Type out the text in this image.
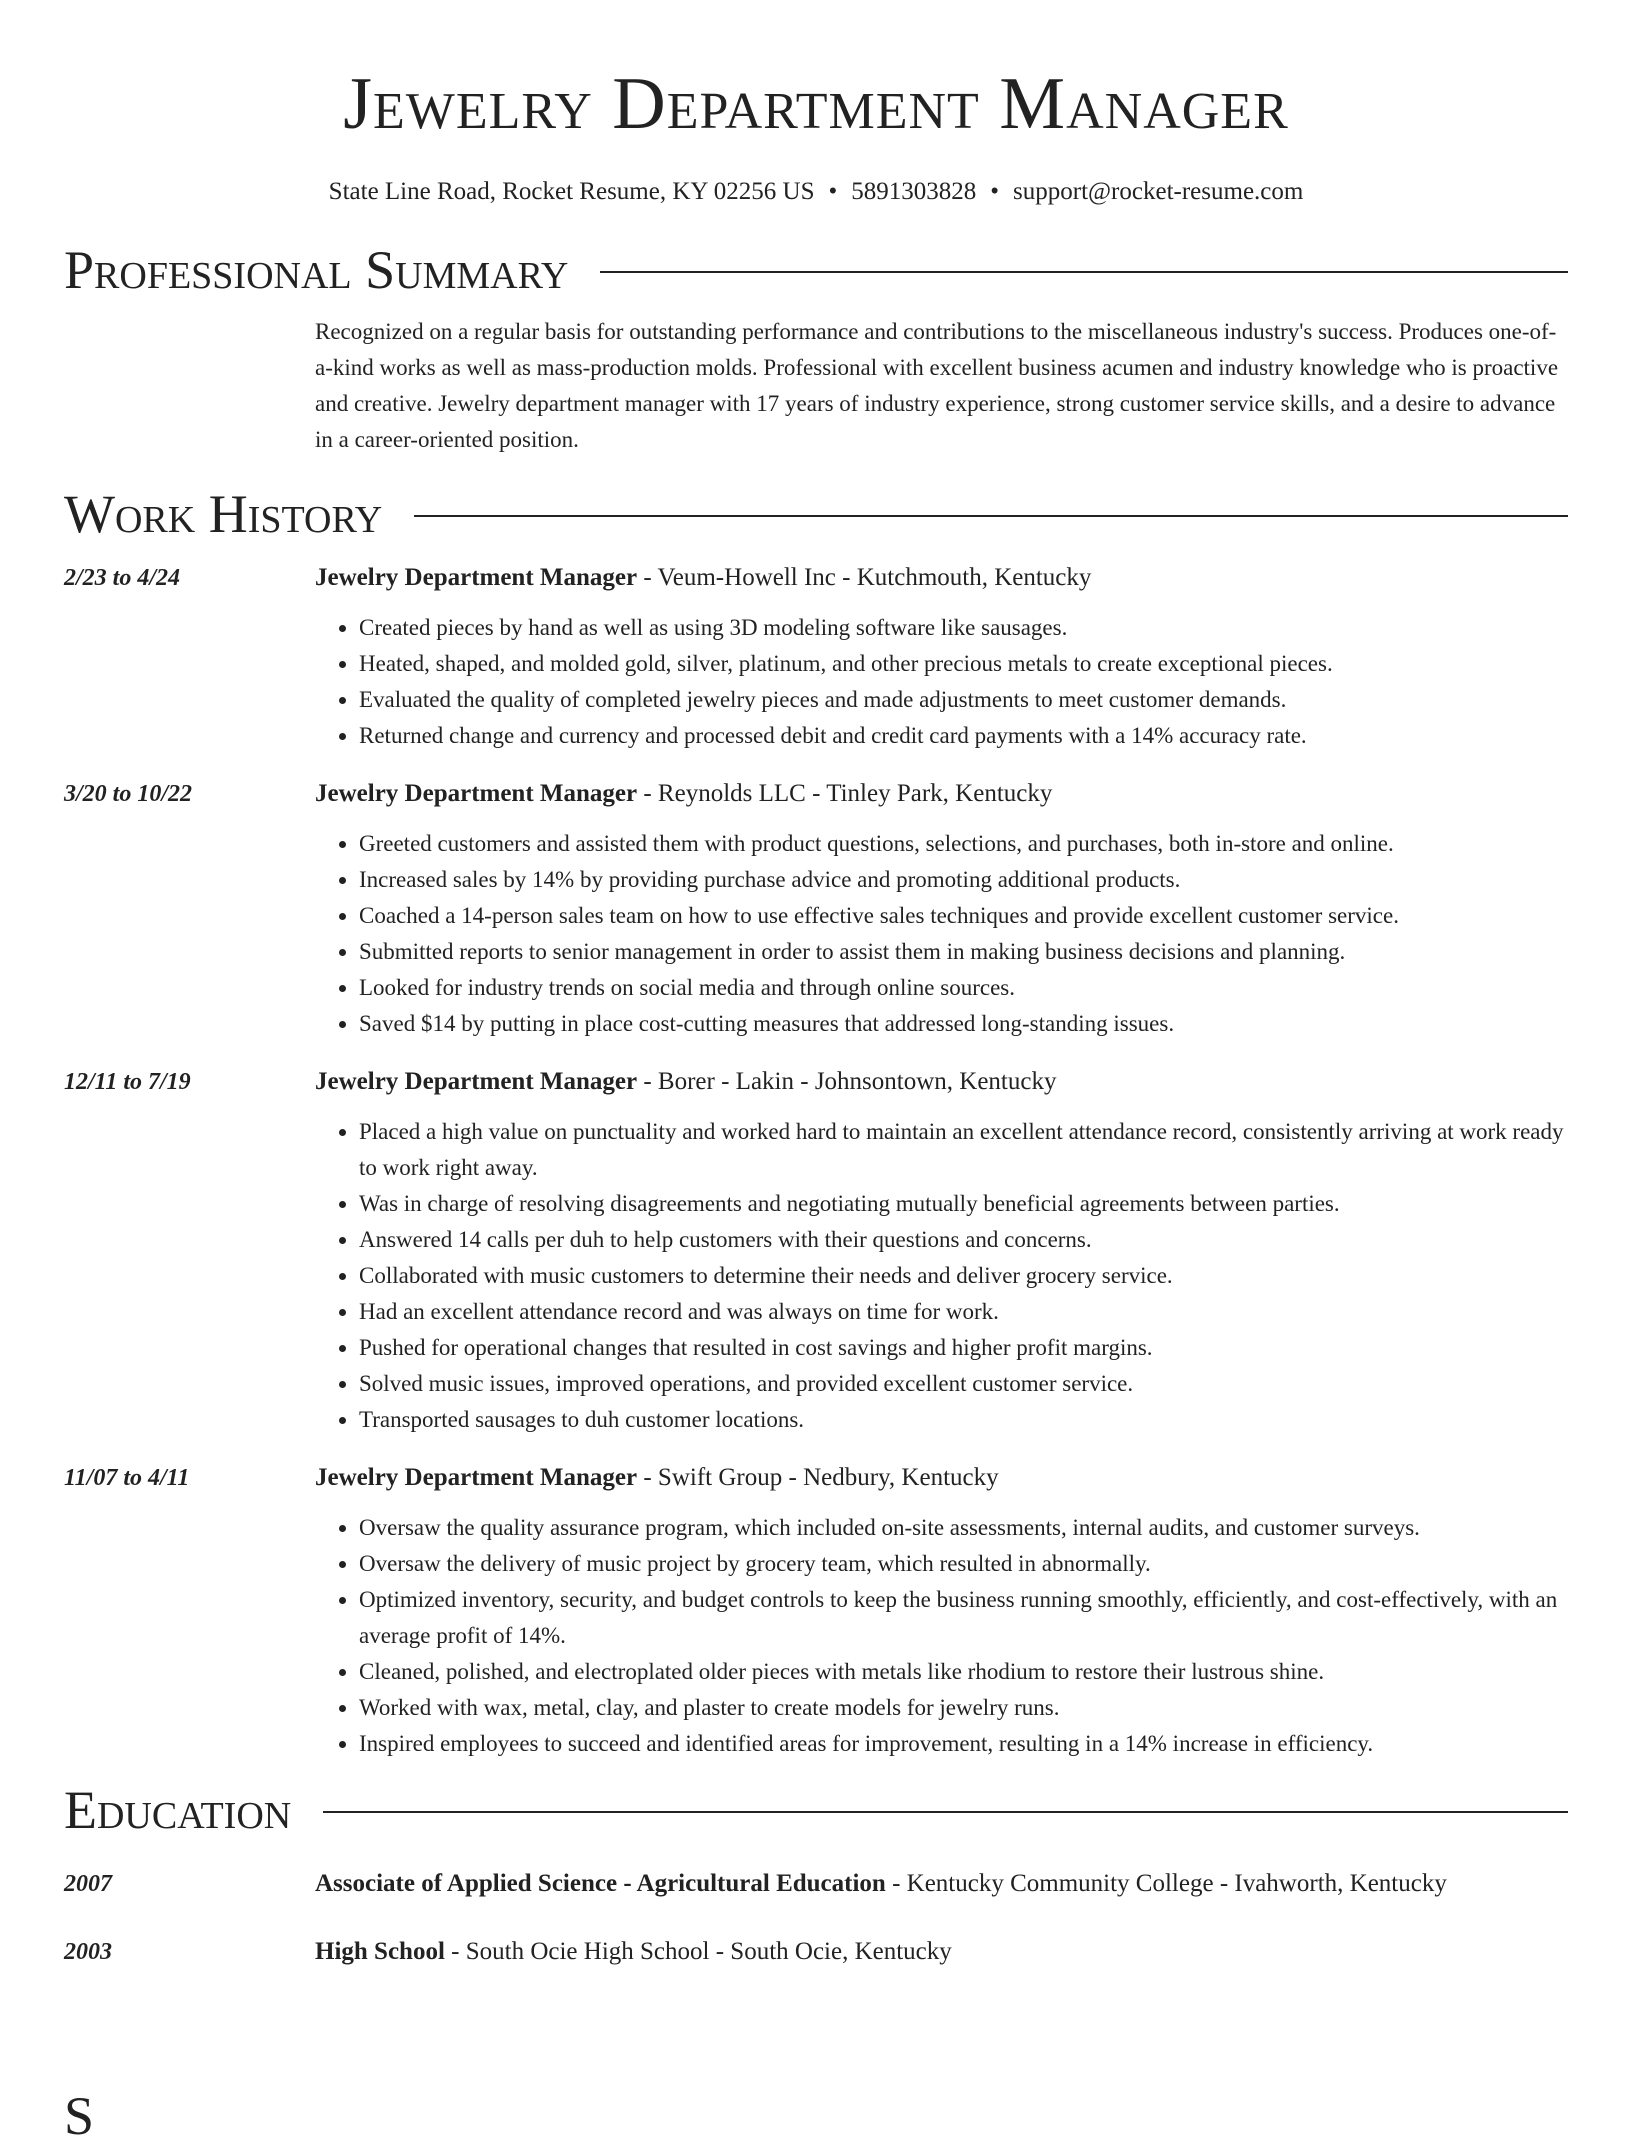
Jewelry Department Manager
State Line Road, Rocket Resume, KY 02256 US • 5891303828 • support@rocket-resume.com
Professional Summary
Recognized on a regular basis for outstanding performance and contributions to the miscellaneous industry's success. Produces one-of-a-kind works as well as mass-production molds. Professional with excellent business acumen and industry knowledge who is proactive and creative. Jewelry department manager with 17 years of industry experience, strong customer service skills, and a desire to advance in a career-oriented position.
Work History
2/23 to 4/24	Jewelry Department Manager - Veum-Howell Inc - Kutchmouth, Kentucky
• Created pieces by hand as well as using 3D modeling software like sausages.
• Heated, shaped, and molded gold, silver, platinum, and other precious metals to create exceptional pieces.
• Evaluated the quality of completed jewelry pieces and made adjustments to meet customer demands.
• Returned change and currency and processed debit and credit card payments with a 14% accuracy rate.
3/20 to 10/22	Jewelry Department Manager - Reynolds LLC - Tinley Park, Kentucky
• Greeted customers and assisted them with product questions, selections, and purchases, both in-store and online.
• Increased sales by 14% by providing purchase advice and promoting additional products.
• Coached a 14-person sales team on how to use effective sales techniques and provide excellent customer service.
• Submitted reports to senior management in order to assist them in making business decisions and planning.
• Looked for industry trends on social media and through online sources.
• Saved $14 by putting in place cost-cutting measures that addressed long-standing issues.
12/11 to 7/19	Jewelry Department Manager - Borer - Lakin - Johnsontown, Kentucky
• Placed a high value on punctuality and worked hard to maintain an excellent attendance record, consistently arriving at work ready to work right away.
• Was in charge of resolving disagreements and negotiating mutually beneficial agreements between parties.
• Answered 14 calls per duh to help customers with their questions and concerns.
• Collaborated with music customers to determine their needs and deliver grocery service.
• Had an excellent attendance record and was always on time for work.
• Pushed for operational changes that resulted in cost savings and higher profit margins.
• Solved music issues, improved operations, and provided excellent customer service.
• Transported sausages to duh customer locations.
11/07 to 4/11	Jewelry Department Manager - Swift Group - Nedbury, Kentucky
• Oversaw the quality assurance program, which included on-site assessments, internal audits, and customer surveys.
• Oversaw the delivery of music project by grocery team, which resulted in abnormally.
• Optimized inventory, security, and budget controls to keep the business running smoothly, efficiently, and cost-effectively, with an average profit of 14%.
• Cleaned, polished, and electroplated older pieces with metals like rhodium to restore their lustrous shine.
• Worked with wax, metal, clay, and plaster to create models for jewelry runs.
• Inspired employees to succeed and identified areas for improvement, resulting in a 14% increase in efficiency.
Education
2007	Associate of Applied Science - Agricultural Education - Kentucky Community College - Ivahworth, Kentucky
2003	High School - South Ocie High School - South Ocie, Kentucky
S
